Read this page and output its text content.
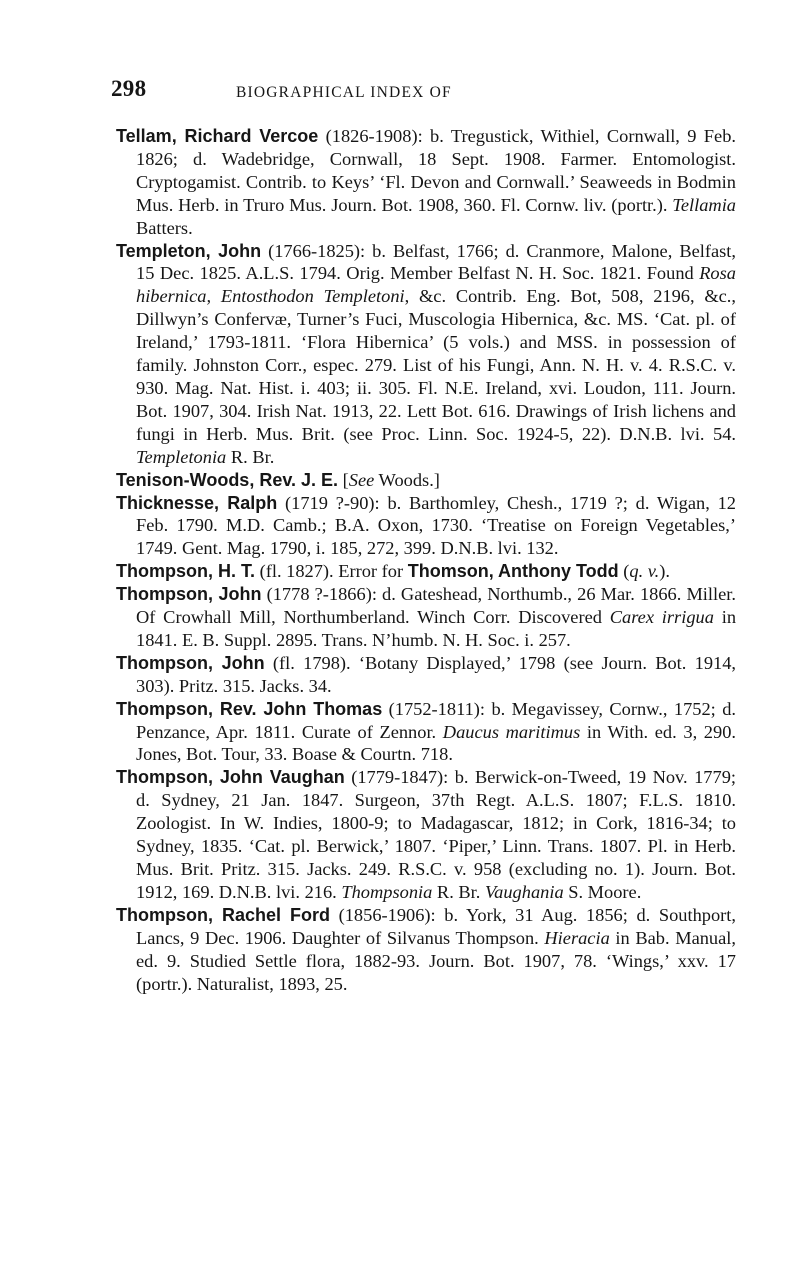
298	BIOGRAPHICAL INDEX OF

Tellam, Richard Vercoe (1826-1908): b. Tregustick, Withiel, Cornwall, 9 Feb. 1826; d. Wadebridge, Cornwall, 18 Sept. 1908. Farmer. Entomologist. Cryptogamist. Contrib. to Keys’ ‘Fl. Devon and Cornwall.’ Seaweeds in Bodmin Mus. Herb. in Truro Mus. Journ. Bot. 1908, 360. Fl. Cornw. liv. (portr.). Tellamia Batters.

Templeton, John (1766-1825): b. Belfast, 1766; d. Cranmore, Malone, Belfast, 15 Dec. 1825. A.L.S. 1794. Orig. Member Belfast N. H. Soc. 1821. Found Rosa hibernica, Entosthodon Templetoni, &c. Contrib. Eng. Bot, 508, 2196, &c., Dillwyn’s Confervæ, Turner’s Fuci, Muscologia Hibernica, &c. MS. ‘Cat. pl. of Ireland,’ 1793-1811. ‘Flora Hibernica’ (5 vols.) and MSS. in possession of family. Johnston Corr., espec. 279. List of his Fungi, Ann. N. H. v. 4. R.S.C. v. 930. Mag. Nat. Hist. i. 403; ii. 305. Fl. N.E. Ireland, xvi. Loudon, 111. Journ. Bot. 1907, 304. Irish Nat. 1913, 22. Lett Bot. 616. Drawings of Irish lichens and fungi in Herb. Mus. Brit. (see Proc. Linn. Soc. 1924-5, 22). D.N.B. lvi. 54. Templetonia R. Br.

Tenison-Woods, Rev. J. E. [See Woods.]

Thicknesse, Ralph (1719 ?-90): b. Barthomley, Chesh., 1719 ?; d. Wigan, 12 Feb. 1790. M.D. Camb.; B.A. Oxon, 1730. ‘Treatise on Foreign Vegetables,’ 1749. Gent. Mag. 1790, i. 185, 272, 399. D.N.B. lvi. 132.

Thompson, H. T. (fl. 1827). Error for Thomson, Anthony Todd (q. v.).

Thompson, John (1778 ?-1866): d. Gateshead, Northumb., 26 Mar. 1866. Miller. Of Crowhall Mill, Northumberland. Winch Corr. Discovered Carex irrigua in 1841. E. B. Suppl. 2895. Trans. N’humb. N. H. Soc. i. 257.

Thompson, John (fl. 1798). ‘Botany Displayed,’ 1798 (see Journ. Bot. 1914, 303). Pritz. 315. Jacks. 34.

Thompson, Rev. John Thomas (1752-1811): b. Megavissey, Cornw., 1752; d. Penzance, Apr. 1811. Curate of Zennor. Daucus maritimus in With. ed. 3, 290. Jones, Bot. Tour, 33. Boase & Courtn. 718.

Thompson, John Vaughan (1779-1847): b. Berwick-on-Tweed, 19 Nov. 1779; d. Sydney, 21 Jan. 1847. Surgeon, 37th Regt. A.L.S. 1807; F.L.S. 1810. Zoologist. In W. Indies, 1800-9; to Madagascar, 1812; in Cork, 1816-34; to Sydney, 1835. ‘Cat. pl. Berwick,’ 1807. ‘Piper,’ Linn. Trans. 1807. Pl. in Herb. Mus. Brit. Pritz. 315. Jacks. 249. R.S.C. v. 958 (excluding no. 1). Journ. Bot. 1912, 169. D.N.B. lvi. 216. Thompsonia R. Br. Vaughania S. Moore.

Thompson, Rachel Ford (1856-1906): b. York, 31 Aug. 1856; d. Southport, Lancs, 9 Dec. 1906. Daughter of Silvanus Thompson. Hieracia in Bab. Manual, ed. 9. Studied Settle flora, 1882-93. Journ. Bot. 1907, 78. ‘Wings,’ xxv. 17 (portr.). Naturalist, 1893, 25.
